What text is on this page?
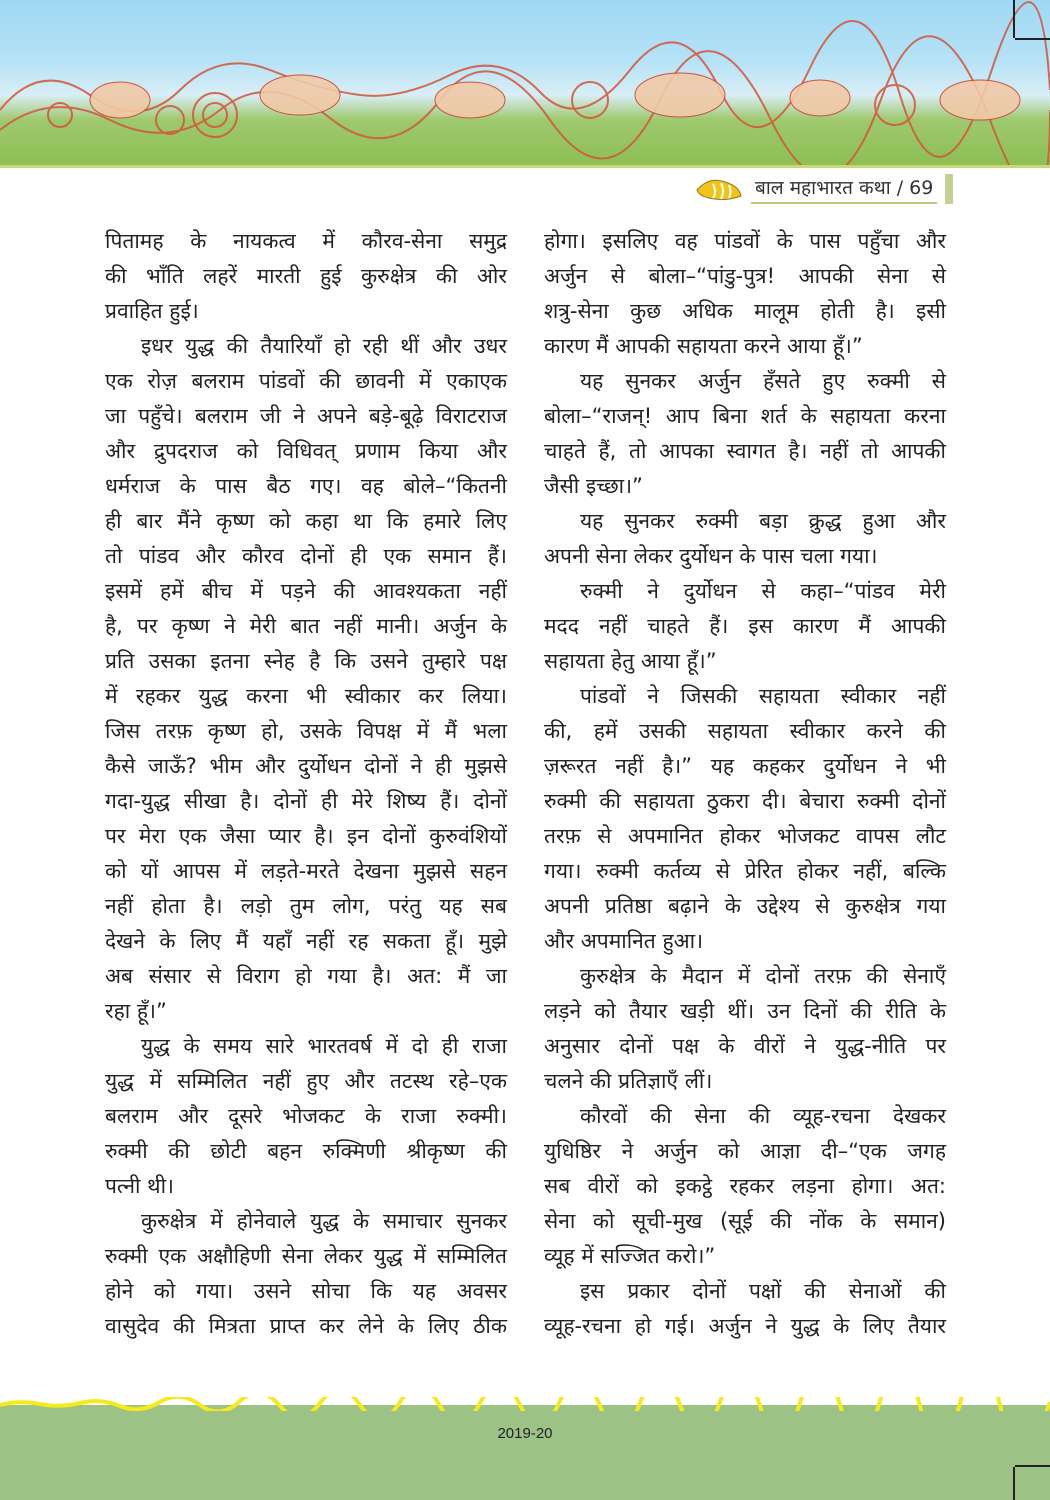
बाल महाभारत कथा / 69
पितामह के नायकत्व में कौरव-सेना समुद्र
की भाँति लहरें मारती हुई कुरुक्षेत्र की ओर
प्रवाहित हुई।
इधर युद्ध की तैयारियाँ हो रही थीं और उधर
एक रोज़ बलराम पांडवों की छावनी में एकाएक
जा पहुँचे। बलराम जी ने अपने बड़े-बूढ़े विराटराज
और द्रुपदराज को विधिवत् प्रणाम किया और
धर्मराज के पास बैठ गए। वह बोले–“कितनी
ही बार मैंने कृष्ण को कहा था कि हमारे लिए
तो पांडव और कौरव दोनों ही एक समान हैं।
इसमें हमें बीच में पड़ने की आवश्यकता नहीं
है, पर कृष्ण ने मेरी बात नहीं मानी। अर्जुन के
प्रति उसका इतना स्नेह है कि उसने तुम्हारे पक्ष
में रहकर युद्ध करना भी स्वीकार कर लिया।
जिस तरफ़ कृष्ण हो, उसके विपक्ष में मैं भला
कैसे जाऊँ? भीम और दुर्योधन दोनों ने ही मुझसे
गदा-युद्ध सीखा है। दोनों ही मेरे शिष्य हैं। दोनों
पर मेरा एक जैसा प्यार है। इन दोनों कुरुवंशियों
को यों आपस में लड़ते-मरते देखना मुझसे सहन
नहीं होता है। लड़ो तुम लोग, परंतु यह सब
देखने के लिए मैं यहाँ नहीं रह सकता हूँ। मुझे
अब संसार से विराग हो गया है। अत: मैं जा
रहा हूँ।”
युद्ध के समय सारे भारतवर्ष में दो ही राजा
युद्ध में सम्मिलित नहीं हुए और तटस्थ रहे–एक
बलराम और दूसरे भोजकट के राजा रुक्मी।
रुक्मी की छोटी बहन रुक्मिणी श्रीकृष्ण की
पत्नी थी।
कुरुक्षेत्र में होनेवाले युद्ध के समाचार सुनकर
रुक्मी एक अक्षौहिणी सेना लेकर युद्ध में सम्मिलित
होने को गया। उसने सोचा कि यह अवसर
वासुदेव की मित्रता प्राप्त कर लेने के लिए ठीक
होगा। इसलिए वह पांडवों के पास पहुँचा और
अर्जुन से बोला–“पांडु-पुत्र! आपकी सेना से
शत्रु-सेना कुछ अधिक मालूम होती है। इसी
कारण मैं आपकी सहायता करने आया हूँ।”
यह सुनकर अर्जुन हँसते हुए रुक्मी से
बोला–“राजन्! आप बिना शर्त के सहायता करना
चाहते हैं, तो आपका स्वागत है। नहीं तो आपकी
जैसी इच्छा।”
यह सुनकर रुक्मी बड़ा क्रुद्ध हुआ और
अपनी सेना लेकर दुर्योधन के पास चला गया।
रुक्मी ने दुर्योधन से कहा–“पांडव मेरी
मदद नहीं चाहते हैं। इस कारण मैं आपकी
सहायता हेतु आया हूँ।”
पांडवों ने जिसकी सहायता स्वीकार नहीं
की, हमें उसकी सहायता स्वीकार करने की
ज़रूरत नहीं है।” यह कहकर दुर्योधन ने भी
रुक्मी की सहायता ठुकरा दी। बेचारा रुक्मी दोनों
तरफ़ से अपमानित होकर भोजकट वापस लौट
गया। रुक्मी कर्तव्य से प्रेरित होकर नहीं, बल्कि
अपनी प्रतिष्ठा बढ़ाने के उद्देश्य से कुरुक्षेत्र गया
और अपमानित हुआ।
कुरुक्षेत्र के मैदान में दोनों तरफ़ की सेनाएँ
लड़ने को तैयार खड़ी थीं। उन दिनों की रीति के
अनुसार दोनों पक्ष के वीरों ने युद्ध-नीति पर
चलने की प्रतिज्ञाएँ लीं।
कौरवों की सेना की व्यूह-रचना देखकर
युधिष्ठिर ने अर्जुन को आज्ञा दी–“एक जगह
सब वीरों को इकट्ठे रहकर लड़ना होगा। अत:
सेना को सूची-मुख (सूई की नोंक के समान)
व्यूह में सज्जित करो।”
इस प्रकार दोनों पक्षों की सेनाओं की
व्यूह-रचना हो गई। अर्जुन ने युद्ध के लिए तैयार
2019-20
